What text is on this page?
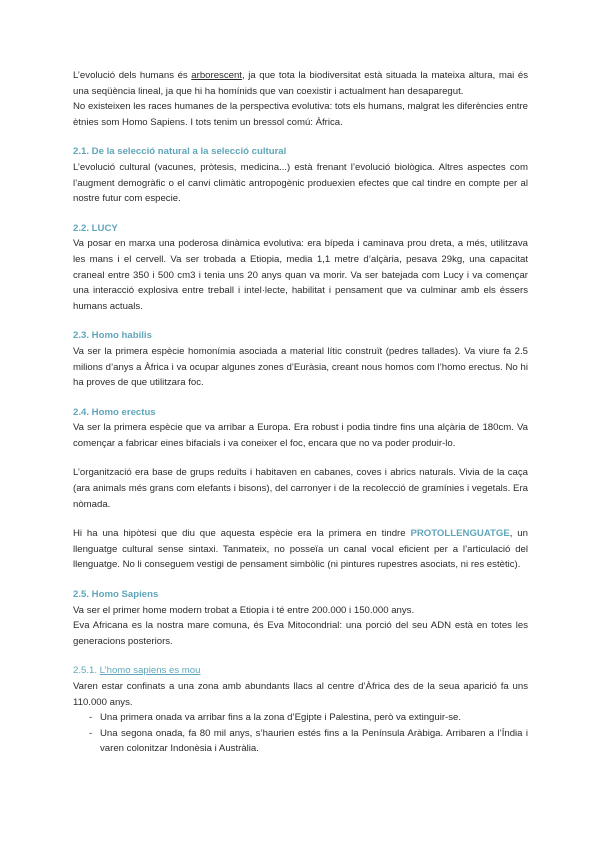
L’evolució dels humans és arborescent, ja que tota la biodiversitat està situada la mateixa altura, mai és una seqüència lineal, ja que hi ha homínids que van coexistir i actualment han desaparegut.

No existeixen les races humanes de la perspectiva evolutiva: tots els humans, malgrat les diferències entre ètnies som Homo Sapiens. I tots tenim un bressol comú: Àfrica.

2.1. De la selecció natural a la selecció cultural

L’evolució cultural (vacunes, pròtesis, medicina...) està frenant l’evolució biològica. Altres aspectes com l’augment demogràfic o el canvi climàtic antropogènic produexien efectes que cal tindre en compte per al nostre futur com especie.

2.2. LUCY

Va posar en marxa una poderosa dinàmica evolutiva: era bípeda i caminava prou dreta, a més, utilitzava les mans i el cervell. Va ser trobada a Etiopia, media 1,1 metre d’alçària, pesava 29kg, una capacitat craneal entre 350 i 500 cm3 i tenia uns 20 anys quan va morir. Va ser batejada com Lucy i va començar una interacció explosiva entre treball i intel·lecte, habilitat i pensament que va culminar amb els éssers humans actuals.

2.3. Homo habilis

Va ser la primera espècie homonímia asociada a material lític construït (pedres tallades). Va viure fa 2.5 milions d’anys a Àfrica i va ocupar algunes zones d’Euràsia, creant nous homos com l’homo erectus. No hi ha proves de que utilitzara foc.

2.4. Homo erectus

Va ser la primera espècie que va arribar a Europa. Era robust i podia tindre fins una alçària de 180cm. Va començar a fabricar eines bifacials i va coneixer el foc, encara que no va poder produir-lo.

L’organització era base de grups reduïts i habitaven en cabanes, coves i abrics naturals. Vivia de la caça (ara animals més grans com elefants i bisons), del carronyer i de la recolecció de gramínies i vegetals. Era nòmada.

Hi ha una hipòtesi que diu que aquesta espècie era la primera en tindre PROTOLLENGUATGE, un llenguatge cultural sense sintaxi. Tanmateix, no posseïa un canal vocal eficient per a l’articulació del llenguatge. No li conseguem vestigi de pensament simbòlic (ni pintures rupestres asociats, ni res estètic).

2.5. Homo Sapiens

Va ser el primer home modern trobat a Etiopia i té entre 200.000 i 150.000 anys.

Eva Africana es la nostra mare comuna, és Eva Mitocondrial: una porció del seu ADN està en totes les generacions posteriors.

2.5.1. L’homo sapiens es mou

Varen estar confinats a una zona amb abundants llacs al centre d’Àfrica des de la seua aparició fa uns 110.000 anys.

- Una primera onada va arribar fins a la zona d’Egipte i Palestina, però va extinguir-se.
- Una segona onada, fa 80 mil anys, s’haurien estés fins a la Península Aràbiga. Arribaren a l’Índia i varen colonitzar Indonèsia i Austràlia.
